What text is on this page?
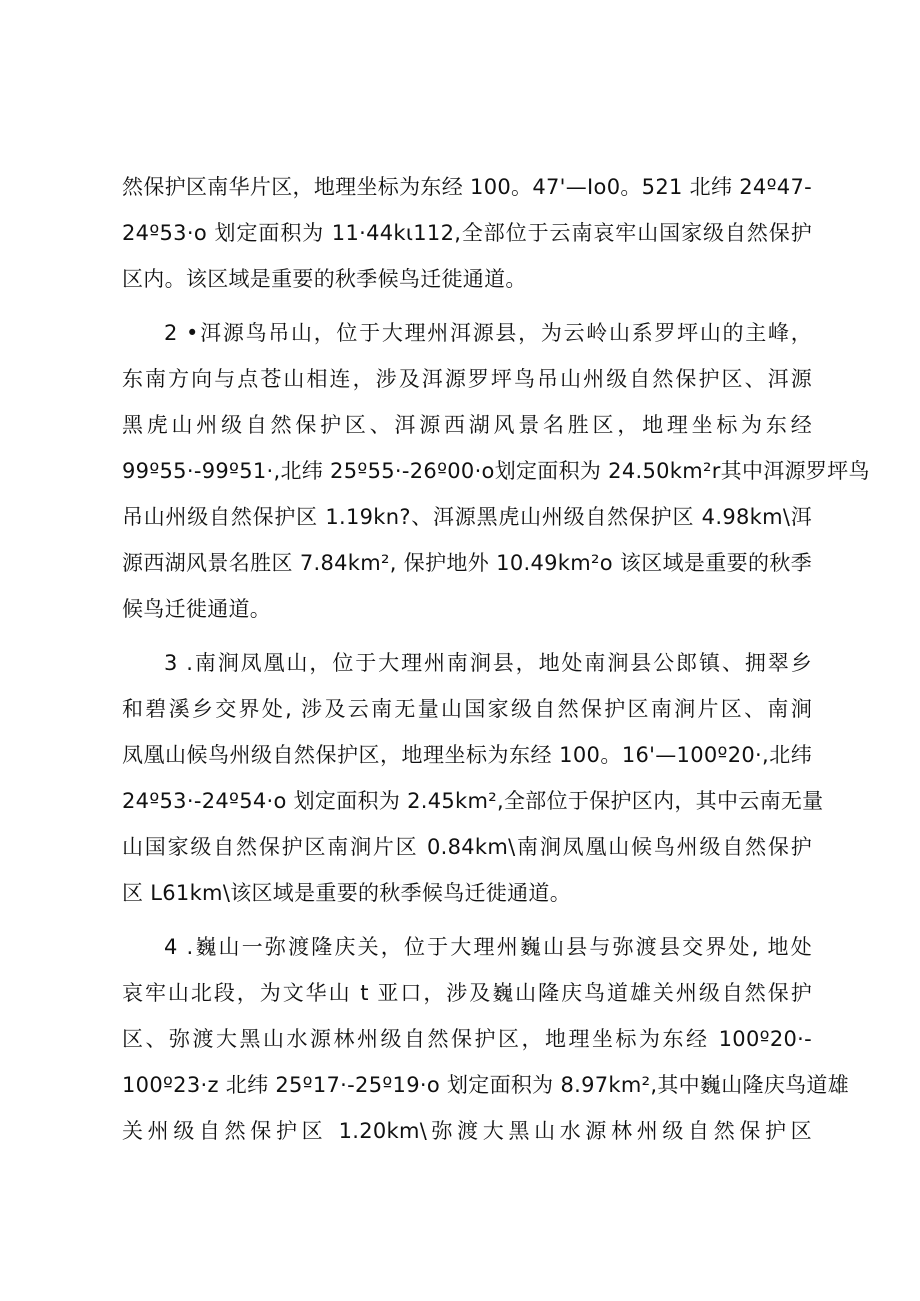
然保护区南华片区，地理坐标为东经 100。47'—Io0。521 北纬 24º47-
24º53·o 划定面积为 11·44kι112,全部位于云南哀牢山国家级自然保护
区内。该区域是重要的秋季候鸟迁徙通道。
2 •洱源鸟吊山，位于大理州洱源县，为云岭山系罗坪山的主峰，
东南方向与点苍山相连，涉及洱源罗坪鸟吊山州级自然保护区、洱源
黑虎山州级自然保护区、洱源西湖风景名胜区，地理坐标为东经
99º55·-99º51·,北纬 25º55·-26º00·o划定面积为 24.50km²r其中洱源罗坪鸟
吊山州级自然保护区 1.19kn?、洱源黑虎山州级自然保护区 4.98km\洱
源西湖风景名胜区 7.84km², 保护地外 10.49km²o 该区域是重要的秋季
候鸟迁徙通道。
3 .南涧凤凰山，位于大理州南涧县，地处南涧县公郎镇、拥翠乡
和碧溪乡交界处, 涉及云南无量山国家级自然保护区南涧片区、南涧
凤凰山候鸟州级自然保护区，地理坐标为东经 100。16'—100º20·,北纬
24º53·-24º54·o 划定面积为 2.45km²,全部位于保护区内，其中云南无量
山国家级自然保护区南涧片区 0.84km\南涧凤凰山候鸟州级自然保护
区 L61km\该区域是重要的秋季候鸟迁徙通道。
4 .巍山一弥渡隆庆关，位于大理州巍山县与弥渡县交界处, 地处
哀牢山北段，为文华山 t 亚口，涉及巍山隆庆鸟道雄关州级自然保护
区、弥渡大黑山水源林州级自然保护区，地理坐标为东经 100º20·-
100º23·z 北纬 25º17·-25º19·o 划定面积为 8.97km²,其中巍山隆庆鸟道雄
关州级自然保护区 1.20km\弥渡大黑山水源林州级自然保护区
